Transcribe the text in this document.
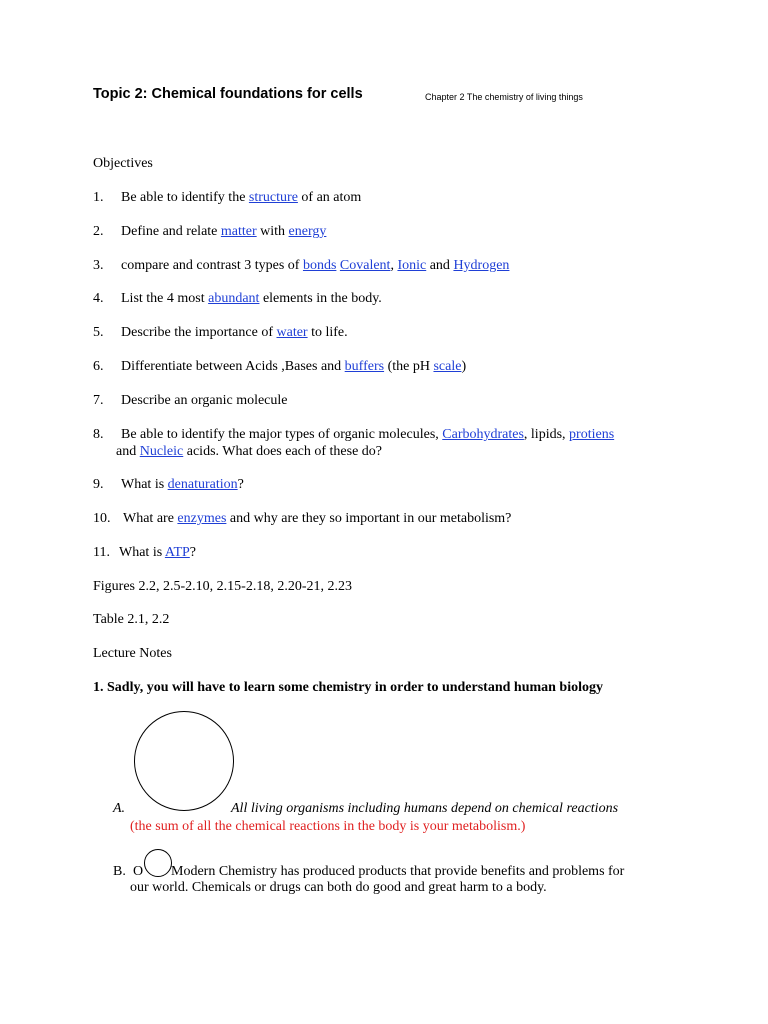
Topic 2: Chemical foundations for cells	Chapter 2 The chemistry of living things
Objectives
1. Be able to identify the structure of an atom
2. Define and relate matter with energy
3. compare and contrast 3 types of bonds Covalent, Ionic and Hydrogen
4. List the 4 most abundant elements in the body.
5. Describe the importance of water to life.
6. Differentiate between Acids ,Bases and buffers (the pH scale)
7. Describe an organic molecule
8. Be able to identify the major types of organic molecules, Carbohydrates, lipids, protiens
and Nucleic acids. What does each of these do?
9. What is denaturation?
10. What are enzymes and why are they so important in our metabolism?
11. What is ATP?
Figures 2.2, 2.5-2.10, 2.15-2.18, 2.20-21, 2.23
Table 2.1, 2.2
Lecture Notes
1. Sadly, you will have to learn some chemistry in order to understand human biology
A.	All living organisms including humans depend on chemical reactions
(the sum of all the chemical reactions in the body is your metabolism.)
B. O Modern Chemistry has produced products that provide benefits and problems for
our world. Chemicals or drugs can both do good and great harm to a body.
